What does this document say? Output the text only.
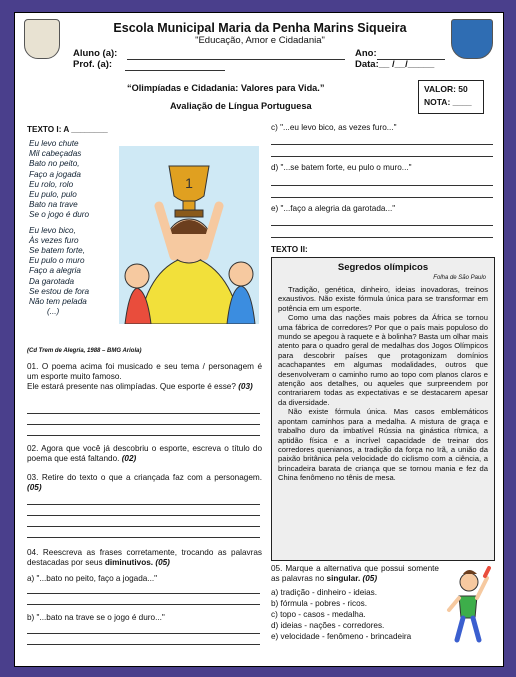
Escola Municipal Maria da Penha Marins Siqueira
"Educação, Amor e Cidadania"
Aluno (a):
Prof. (a):
Ano:
Data:__ /__/_____
“Olimpíadas e Cidadania: Valores para Vida.”
Avaliação de Língua Portuguesa
VALOR: 50
NOTA: ____
TEXTO I: A ________
Eu levo chute
Mil cabeçadas
Bato no peito,
Faço a jogada
Eu rolo, rolo
Eu pulo, pulo
Bato na trave
Se o jogo é duro
Eu levo bico,
Às vezes furo
Se batem forte,
Eu pulo o muro
Faço a alegria
Da garotada
Se estou de fora
Não tem pelada
(...)
1
(Cd Trem de Alegria, 1988 – BMG Ariola)
01. O poema acima foi musicado e seu tema / personagem é um esporte muito famoso.
Ele estará presente nas olimpíadas. Que esporte é esse? (03)
02. Agora que você já descobriu o esporte, escreva o título do poema que está faltando. (02)
03. Retire do texto o que a criançada faz com a personagem. (05)
04. Reescreva as frases corretamente, trocando as palavras destacadas por seus diminutivos. (05)
a) "...bato no peito, faço a jogada..."
b) "...bato na trave se o jogo é duro..."
c) "...eu levo bico, as vezes furo..."
d) "...se batem forte, eu pulo o muro..."
e) "...faço a alegria da garotada..."
TEXTO II:
Segredos olímpicos
Folha de São Paulo

Tradição, genética, dinheiro, ideias inovadoras, treinos exaustivos. Não existe fórmula única para se transformar em potência em um esporte.

Como uma das nações mais pobres da África se tornou uma fábrica de corredores? Por que o país mais populoso do mundo se apegou à raquete e à bolinha? Basta um olhar mais atento para o quadro geral de medalhas dos Jogos Olímpicos para descobrir países que protagonizam domínios acachapantes em algumas modalidades, outros que desenvolveram o caminho rumo ao topo com planos claros e atenção aos detalhes, ou aqueles que surpreendem por contrariarem todas as expectativas e se destacarem apesar da diversidade.

Não existe fórmula única. Mas casos emblemáticos apontam caminhos para a medalha. A mistura de graça e trabalho duro da imbatível Rússia na ginástica rítmica, a aptidão física e a incrível capacidade de treinar dos corredores quenianos, a tradição da força no Irã, a união da paixão britânica pela velocidade do ciclismo com a ciência, a brincadeira barata de criança que se tornou mania e fez da China fenômeno no tênis de mesa.

05. Marque a alternativa que possui somente as palavras no singular. (05)
a) tradição - dinheiro - ideias.
b) fórmula - pobres - ricos.
c) topo - casos - medalha.
d) ideias - nações - corredores.
e) velocidade - fenômeno - brincadeira
